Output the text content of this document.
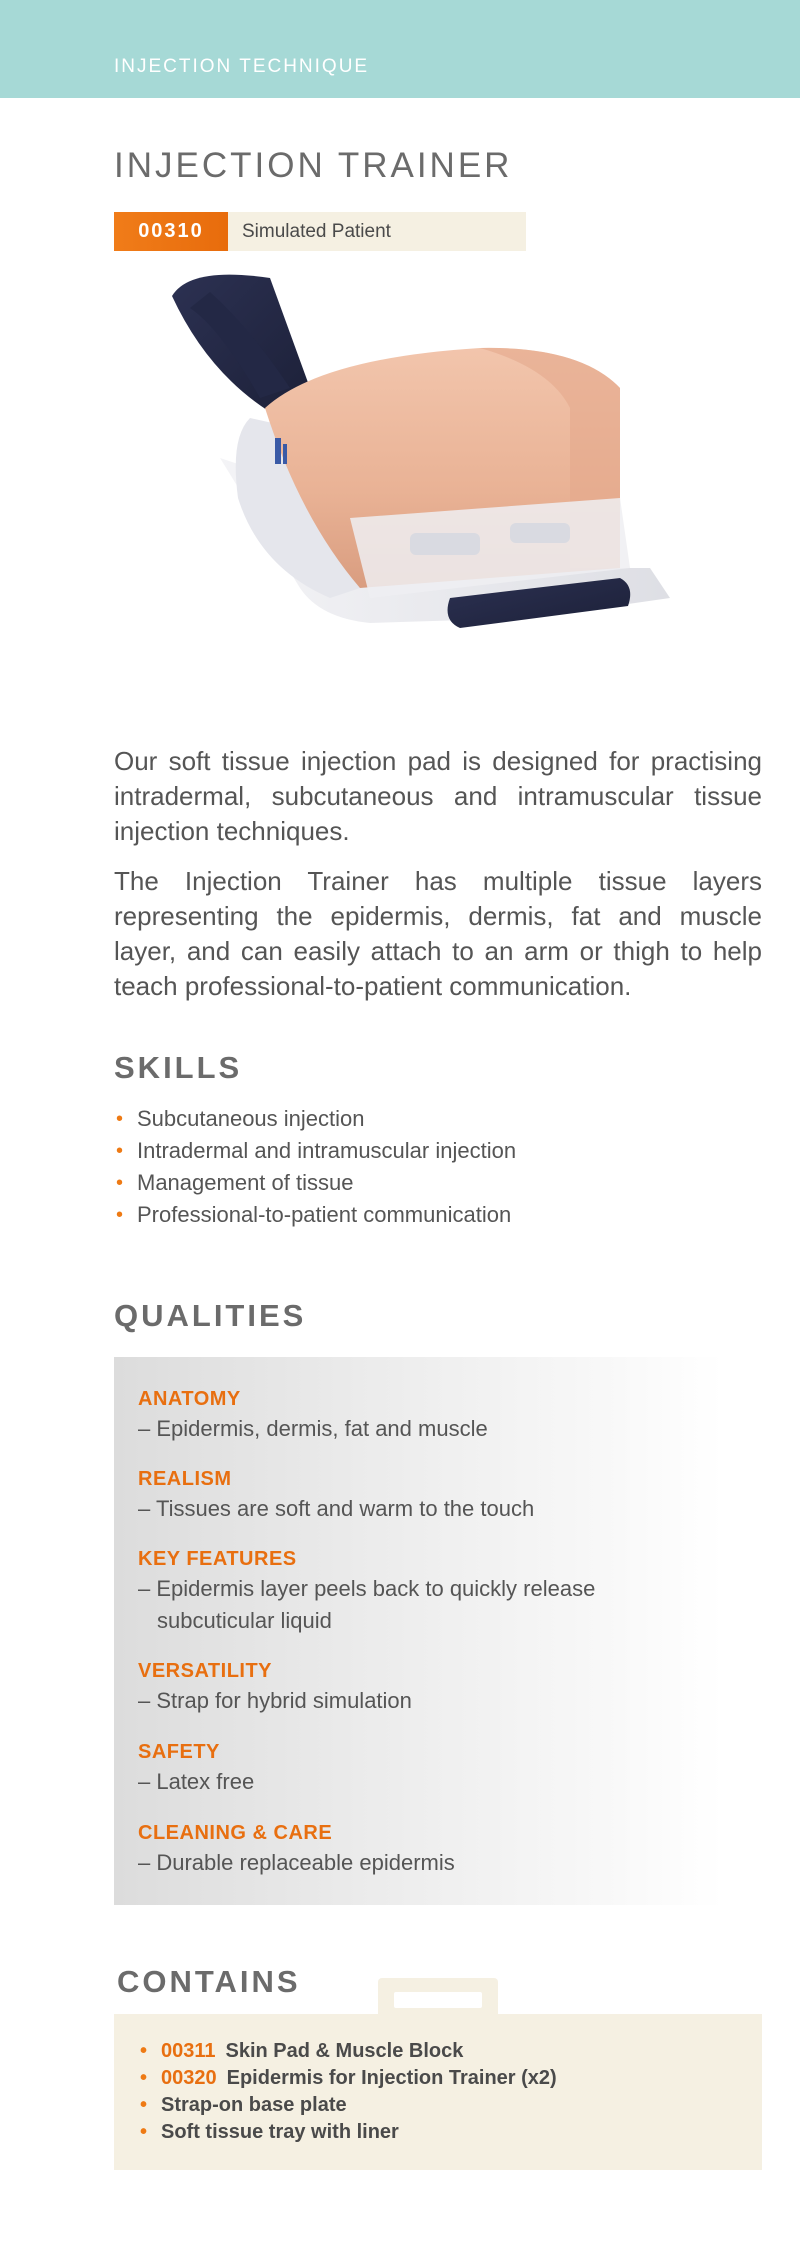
INJECTION TECHNIQUE
INJECTION TRAINER
00310	Simulated Patient

Our soft tissue injection pad is designed for practising intradermal, subcutaneous and intramuscular tissue injection techniques.

The Injection Trainer has multiple tissue layers representing the epidermis, dermis, fat and muscle layer, and can easily attach to an arm or thigh to help teach professional-to-patient communication.

SKILLS
• Subcutaneous injection
• Intradermal and intramuscular injection
• Management of tissue
• Professional-to-patient communication
QUALITIES
ANATOMY
– Epidermis, dermis, fat and muscle
REALISM
– Tissues are soft and warm to the touch
KEY FEATURES
– Epidermis layer peels back to quickly release
subcuticular liquid
VERSATILITY
– Strap for hybrid simulation
SAFETY
– Latex free
CLEANING & CARE
– Durable replaceable epidermis
CONTAINS
• 00311 Skin Pad & Muscle Block
• 00320 Epidermis for Injection Trainer (x2)
• Strap-on base plate
• Soft tissue tray with liner
